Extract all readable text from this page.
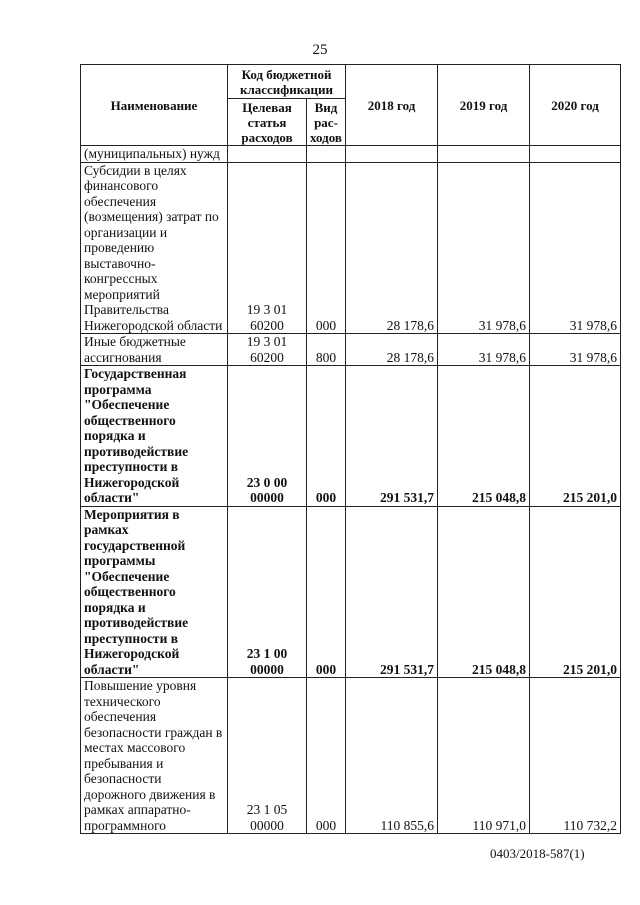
25
Наименование	Код бюджетной классификации		2018 год	2019 год	2020 год
	Целевая статья расходов	Вид рас-ходов			
(муниципальных) нужд					
Субсидии в целях финансового обеспечения (возмещения) затрат по организации и проведению выставочно-конгрессных мероприятий Правительства Нижегородской области	19 3 01 60200	000	28 178,6	31 978,6	31 978,6
Иные бюджетные ассигнования	19 3 01 60200	800	28 178,6	31 978,6	31 978,6
Государственная программа "Обеспечение общественного порядка и противодействие преступности в Нижегородской области"	23 0 00 00000	000	291 531,7	215 048,8	215 201,0
Мероприятия в рамках государственной программы "Обеспечение общественного порядка и противодействие преступности в Нижегородской области"	23 1 00 00000	000	291 531,7	215 048,8	215 201,0
Повышение уровня технического обеспечения безопасности граждан в местах массового пребывания и безопасности дорожного движения в рамках аппаратно-программного	23 1 05 00000	000	110 855,6	110 971,0	110 732,2
0403/2018-587(1)
